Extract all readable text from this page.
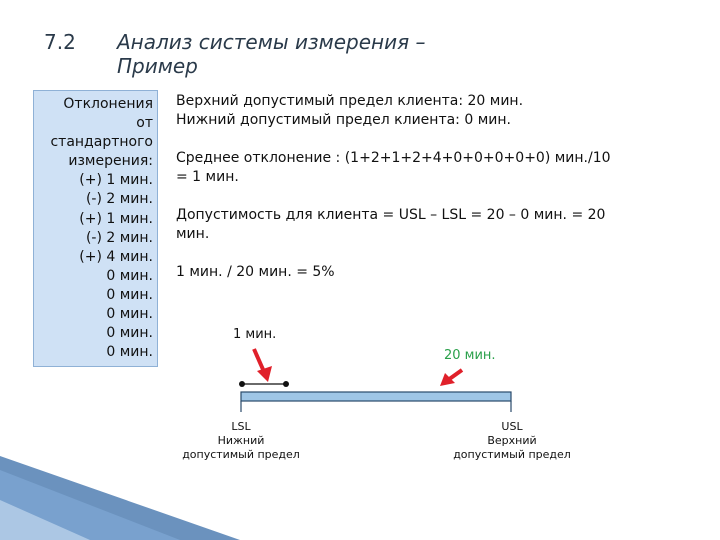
7.2 Анализ системы измерения –
Пример
Отклонения
от
стандартного
измерения:
(+) 1 мин.
(-) 2 мин.
(+) 1 мин.
(-) 2 мин.
(+) 4 мин.
0 мин.
0 мин.
0 мин.
0 мин.
0 мин.
Верхний допустимый предел клиента: 20 мин.
Нижний допустимый предел клиента: 0 мин.
Среднее отклонение : (1+2+1+2+4+0+0+0+0+0) мин./10
= 1 мин.
Допустимость для клиента = USL – LSL = 20 – 0 мин. = 20
мин.
1 мин. / 20 мин. = 5%
1 мин.
20 мин.
LSL
Нижний
допустимый предел
USL
Верхний
допустимый предел
